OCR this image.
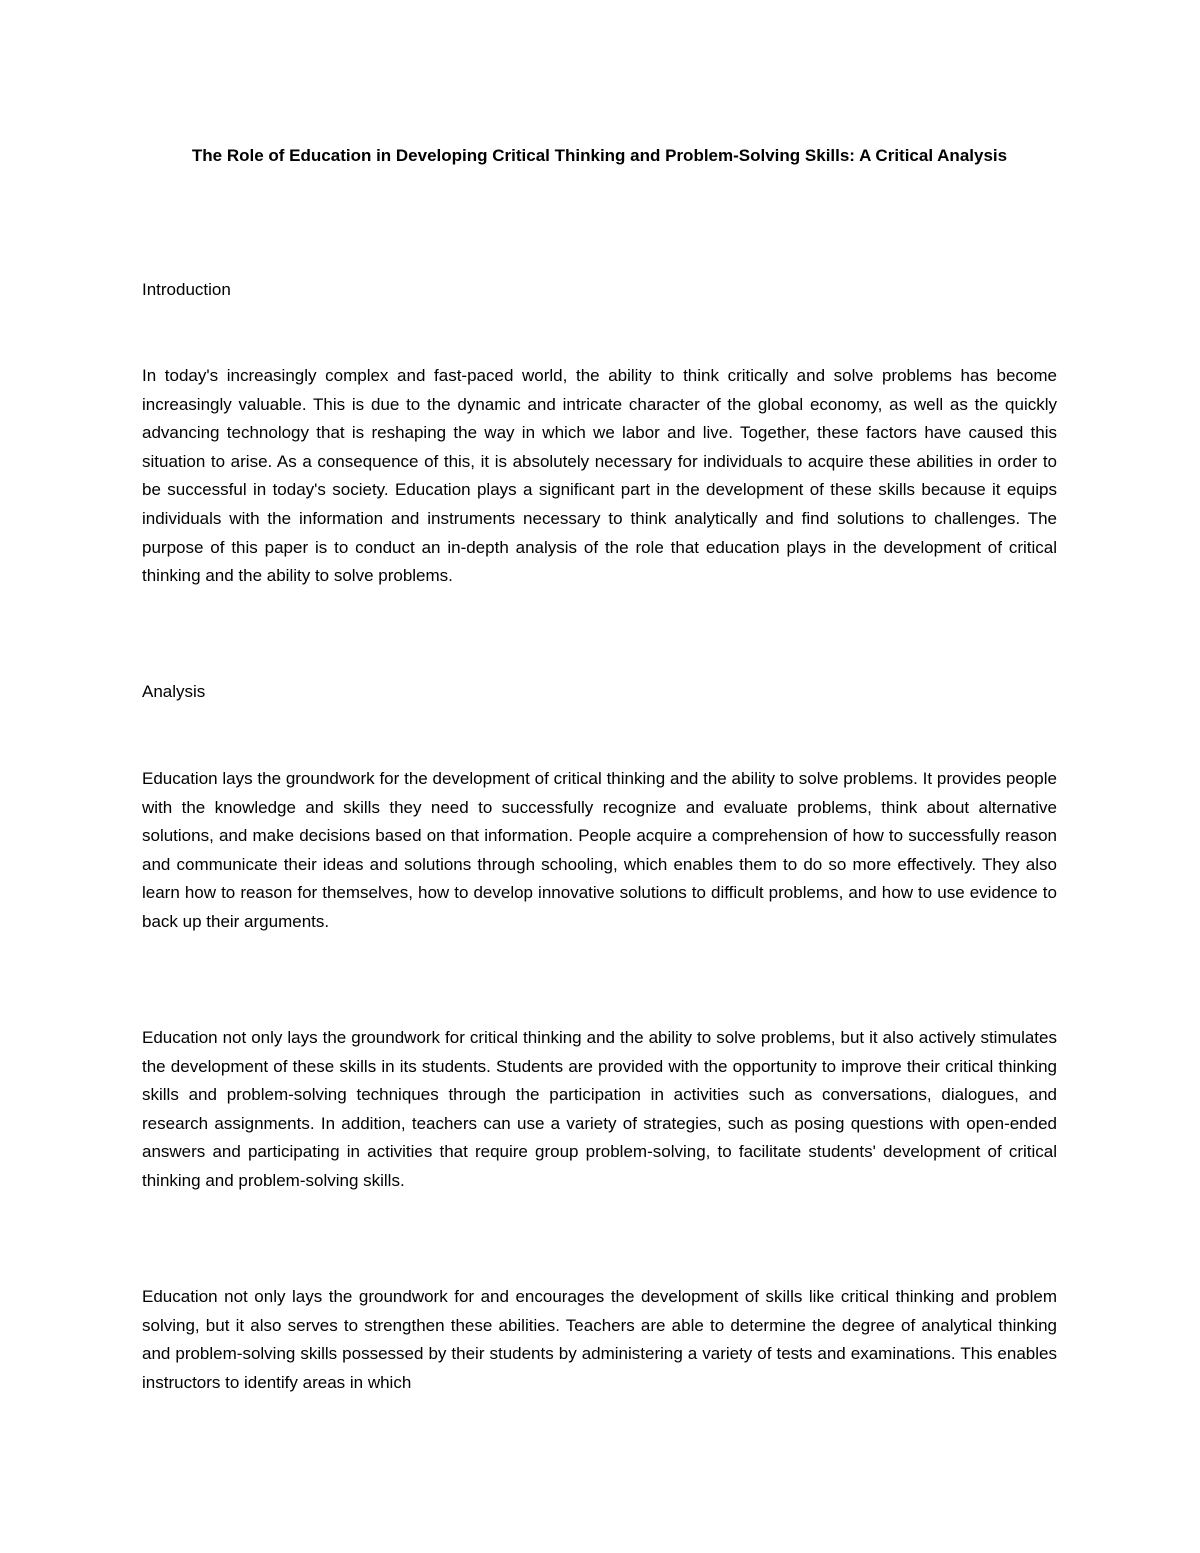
The Role of Education in Developing Critical Thinking and Problem-Solving Skills: A Critical Analysis
Introduction

In today's increasingly complex and fast-paced world, the ability to think critically and solve problems has become increasingly valuable. This is due to the dynamic and intricate character of the global economy, as well as the quickly advancing technology that is reshaping the way in which we labor and live. Together, these factors have caused this situation to arise. As a consequence of this, it is absolutely necessary for individuals to acquire these abilities in order to be successful in today's society. Education plays a significant part in the development of these skills because it equips individuals with the information and instruments necessary to think analytically and find solutions to challenges. The purpose of this paper is to conduct an in-depth analysis of the role that education plays in the development of critical thinking and the ability to solve problems.

Analysis

Education lays the groundwork for the development of critical thinking and the ability to solve problems. It provides people with the knowledge and skills they need to successfully recognize and evaluate problems, think about alternative solutions, and make decisions based on that information. People acquire a comprehension of how to successfully reason and communicate their ideas and solutions through schooling, which enables them to do so more effectively. They also learn how to reason for themselves, how to develop innovative solutions to difficult problems, and how to use evidence to back up their arguments.

Education not only lays the groundwork for critical thinking and the ability to solve problems, but it also actively stimulates the development of these skills in its students. Students are provided with the opportunity to improve their critical thinking skills and problem-solving techniques through the participation in activities such as conversations, dialogues, and research assignments. In addition, teachers can use a variety of strategies, such as posing questions with open-ended answers and participating in activities that require group problem-solving, to facilitate students' development of critical thinking and problem-solving skills.

Education not only lays the groundwork for and encourages the development of skills like critical thinking and problem solving, but it also serves to strengthen these abilities. Teachers are able to determine the degree of analytical thinking and problem-solving skills possessed by their students by administering a variety of tests and examinations. This enables instructors to identify areas in which
